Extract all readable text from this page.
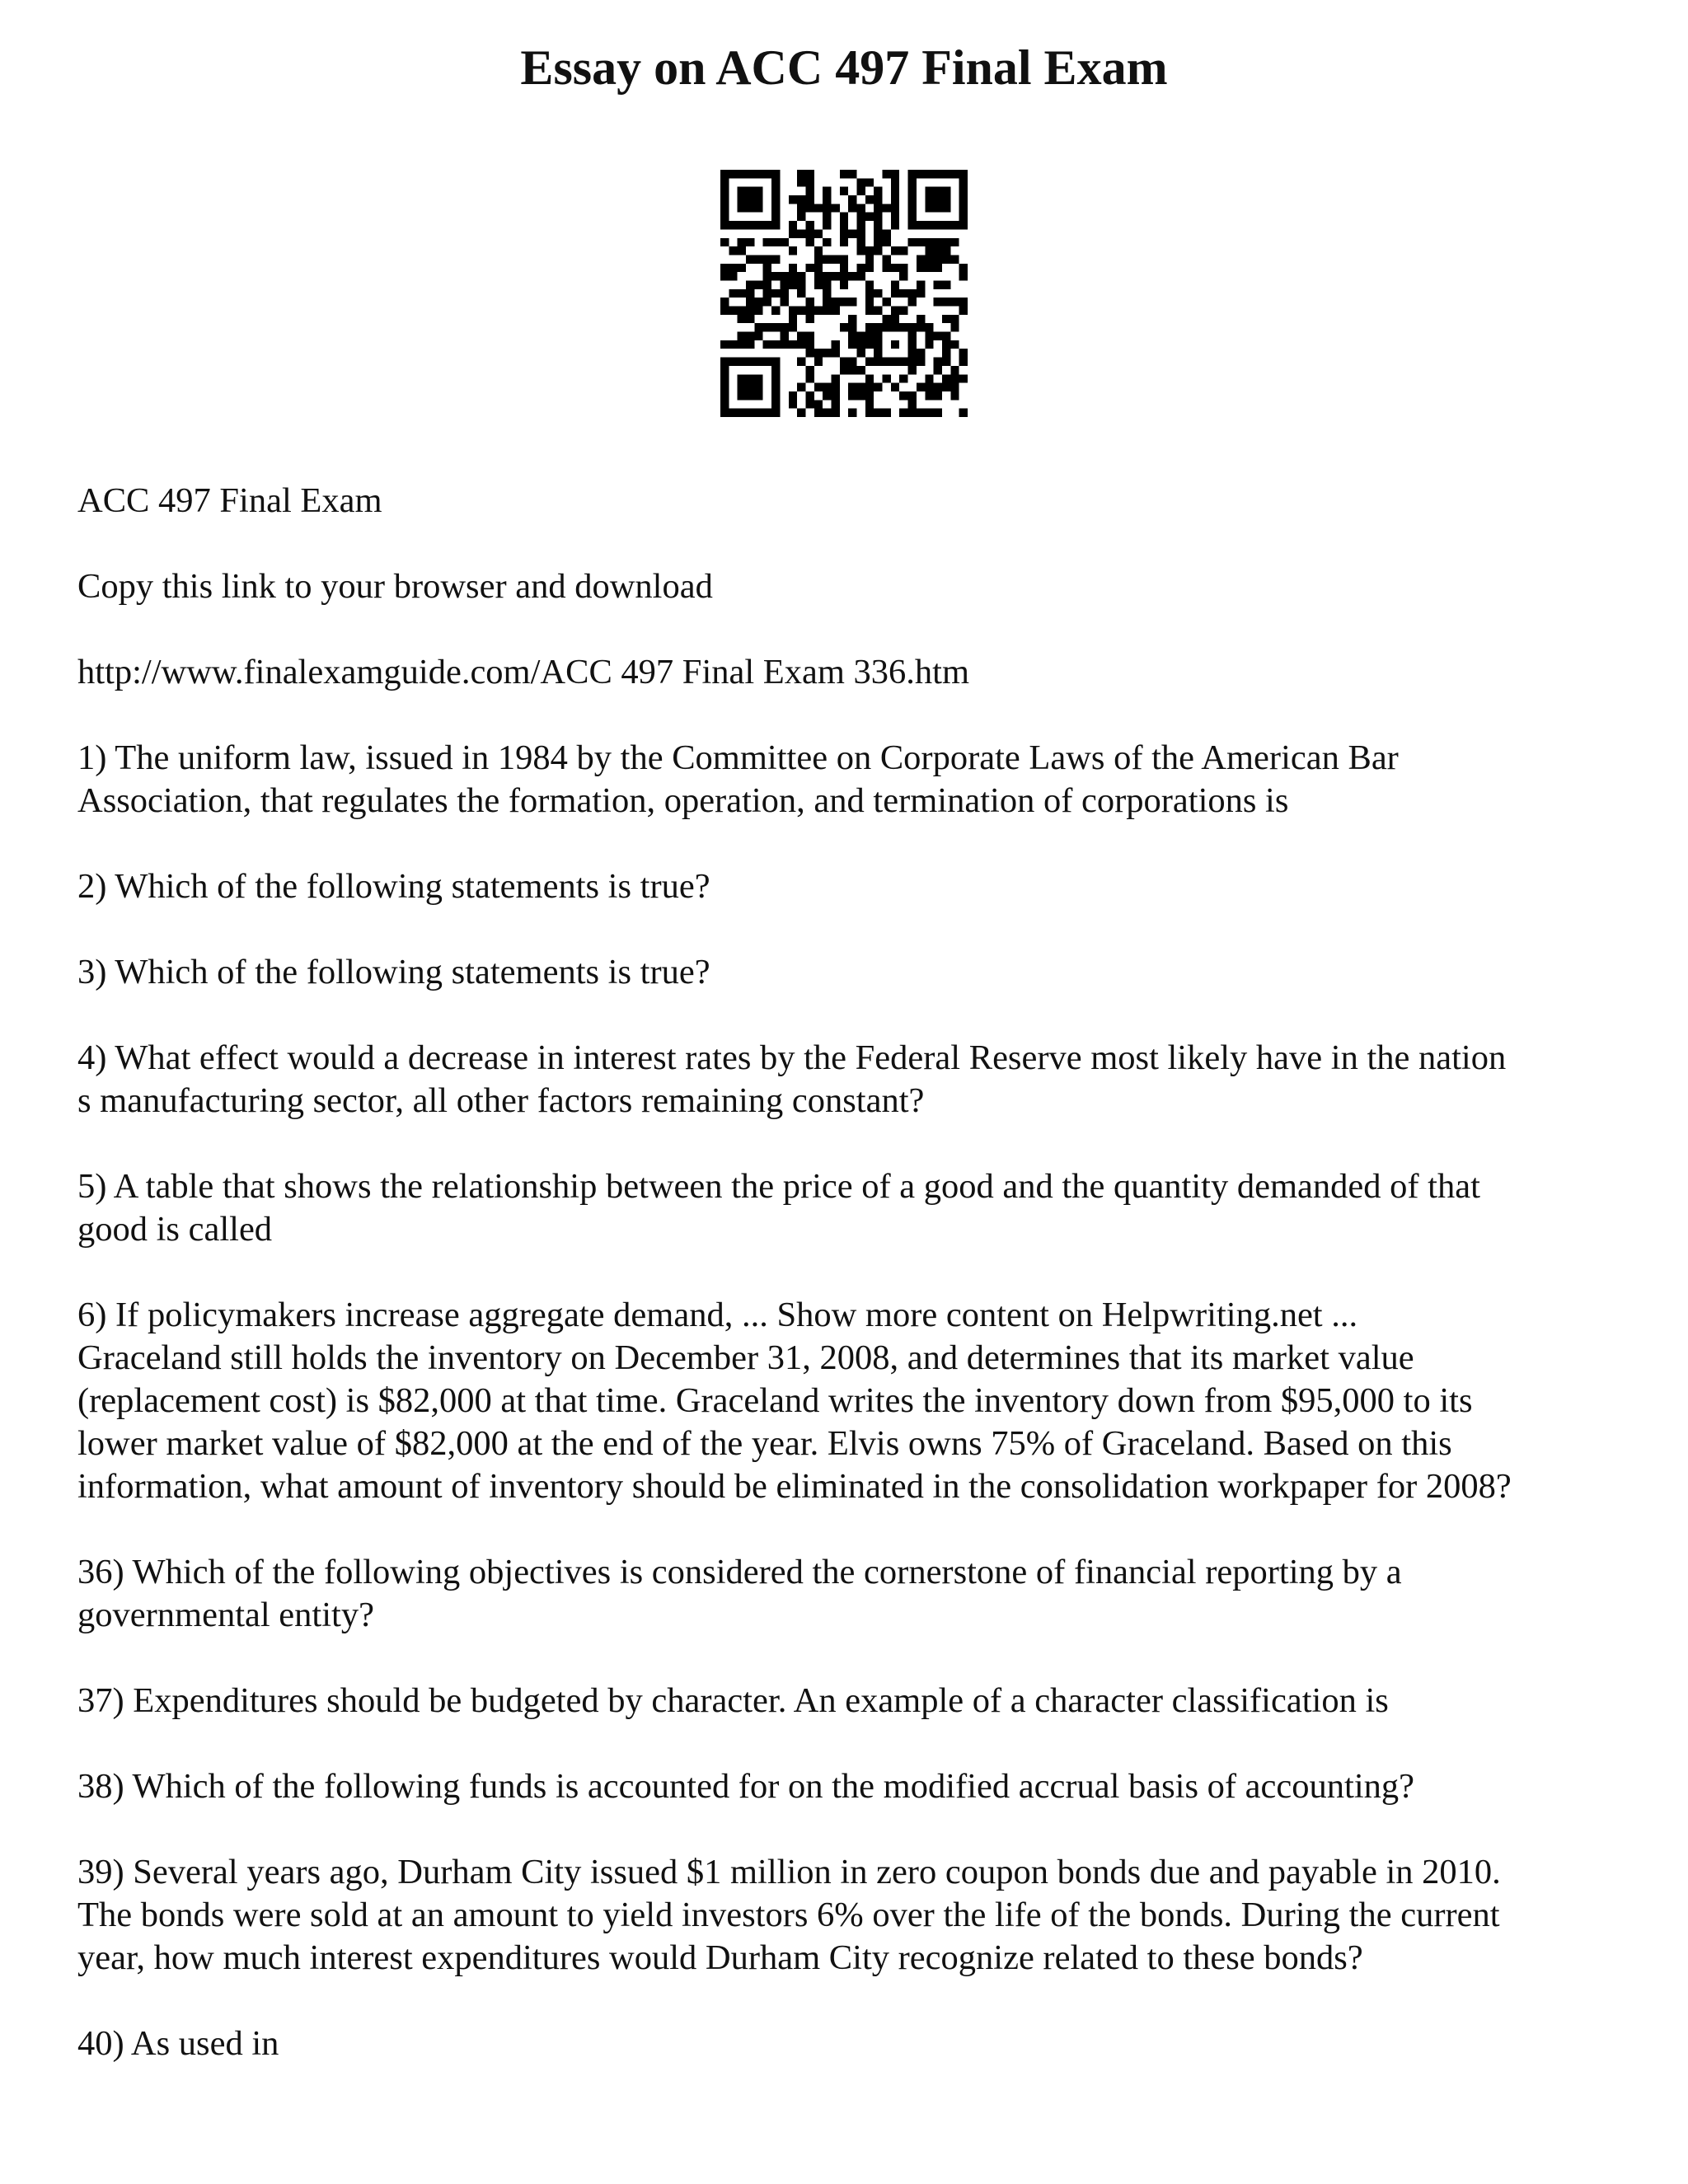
Essay on ACC 497 Final Exam

ACC 497 Final Exam

Copy this link to your browser and download

http://www.finalexamguide.com/ACC 497 Final Exam 336.htm

1) The uniform law, issued in 1984 by the Committee on Corporate Laws of the American Bar
Association, that regulates the formation, operation, and termination of corporations is

2) Which of the following statements is true?

3) Which of the following statements is true?

4) What effect would a decrease in interest rates by the Federal Reserve most likely have in the nation
s manufacturing sector, all other factors remaining constant?

5) A table that shows the relationship between the price of a good and the quantity demanded of that
good is called

6) If policymakers increase aggregate demand, ... Show more content on Helpwriting.net ...
Graceland still holds the inventory on December 31, 2008, and determines that its market value
(replacement cost) is $82,000 at that time. Graceland writes the inventory down from $95,000 to its
lower market value of $82,000 at the end of the year. Elvis owns 75% of Graceland. Based on this
information, what amount of inventory should be eliminated in the consolidation workpaper for 2008?

36) Which of the following objectives is considered the cornerstone of financial reporting by a
governmental entity?

37) Expenditures should be budgeted by character. An example of a character classification is

38) Which of the following funds is accounted for on the modified accrual basis of accounting?

39) Several years ago, Durham City issued $1 million in zero coupon bonds due and payable in 2010.
The bonds were sold at an amount to yield investors 6% over the life of the bonds. During the current
year, how much interest expenditures would Durham City recognize related to these bonds?

40) As used in
